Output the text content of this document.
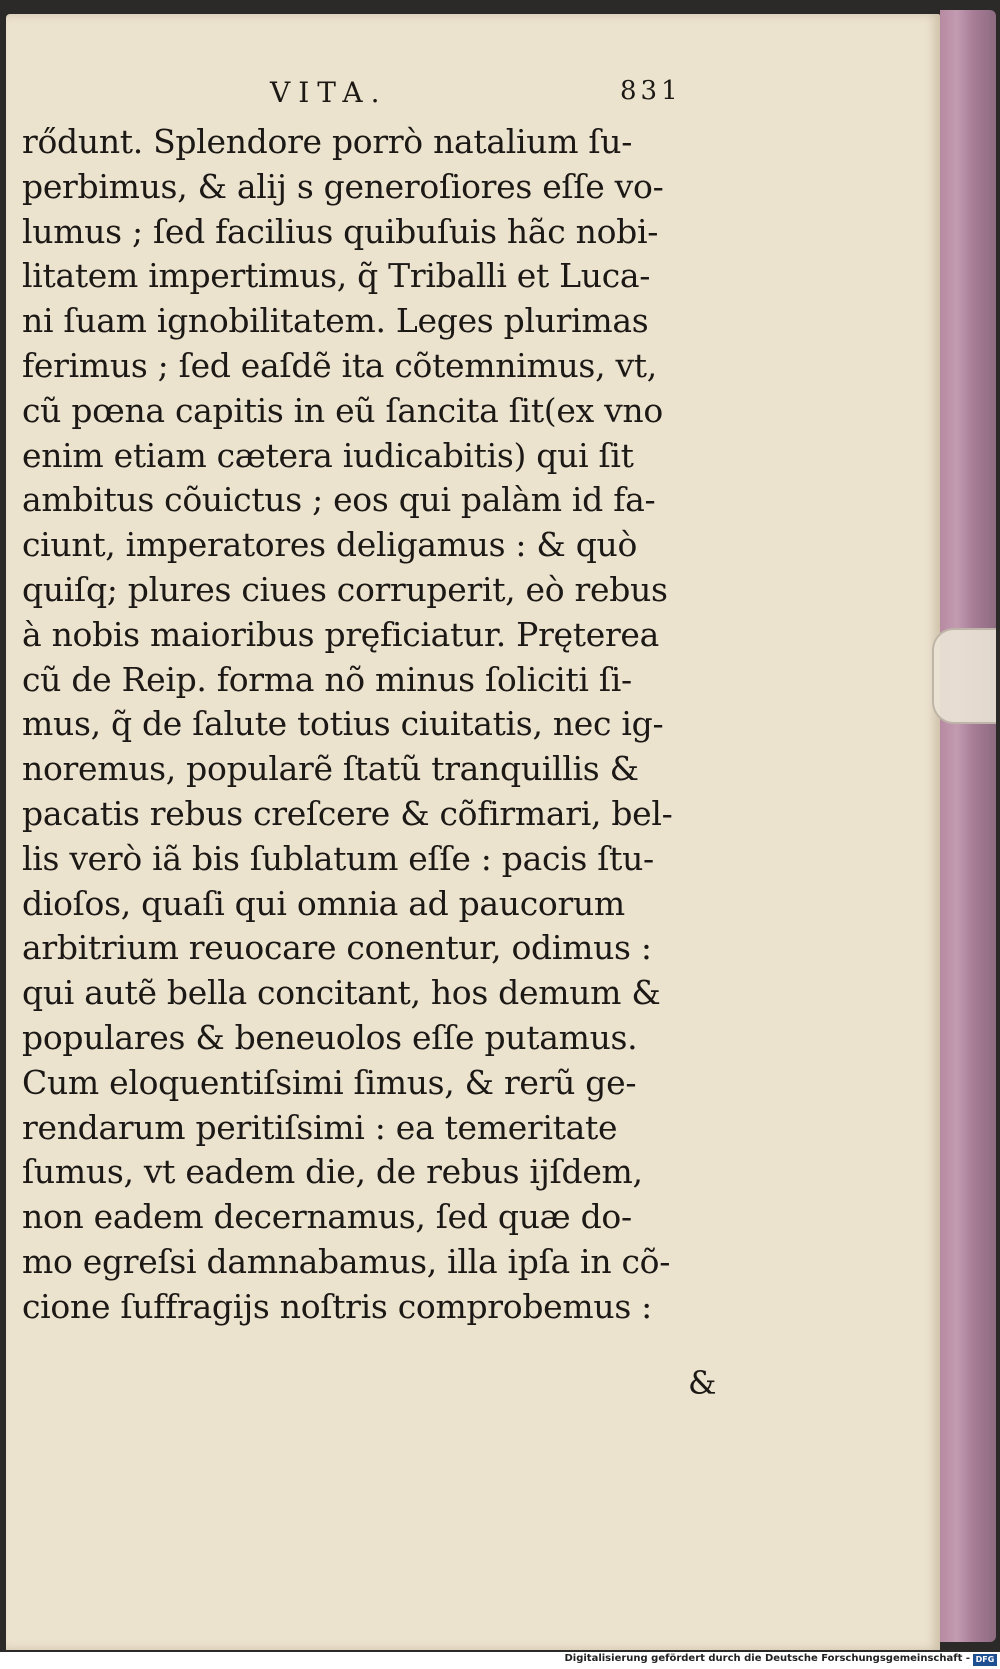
VITA.	831
rődunt. Splendore porrò natalium ſu-
perbimus, & alij s generoſiores eſſe vo-
lumus ; ſed facilius quibuſuis hãc nobi-
litatem impertimus, q̃ Triballi et Luca-
ni ſuam ignobilitatem. Leges plurimas
ferimus ; ſed eaſdẽ ita cõtemnimus, vt,
cũ pœna capitis in eũ ſancita ſit(ex vno
enim etiam cætera iudicabitis) qui ſit
ambitus cõuictus ; eos qui palàm id fa-
ciunt, imperatores deligamus : & quò
quiſq; plures ciues corruperit, eò rebus
à nobis maioribus pręficiatur. Pręterea
cũ de Reip. forma nõ minus ſoliciti ſi-
mus, q̃ de ſalute totius ciuitatis, nec ig-
noremus, popularẽ ſtatũ tranquillis &
pacatis rebus creſcere & cõfirmari, bel-
lis verò iã bis ſublatum eſſe : pacis ſtu-
dioſos, quaſi qui omnia ad paucorum
arbitrium reuocare conentur, odimus :
qui autẽ bella concitant, hos demum &
populares & beneuolos eſſe putamus.
Cum eloquentiſsimi ſimus, & rerũ ge-
rendarum peritiſsimi : ea temeritate
ſumus, vt eadem die, de rebus ijſdem,
non eadem decernamus, ſed quæ do-
mo egreſsi damnabamus, illa ipſa in cõ-
cione ſuffragijs noſtris comprobemus :
&
Digitalisierung gefördert durch die Deutsche Forschungsgemeinschaft - DFG
